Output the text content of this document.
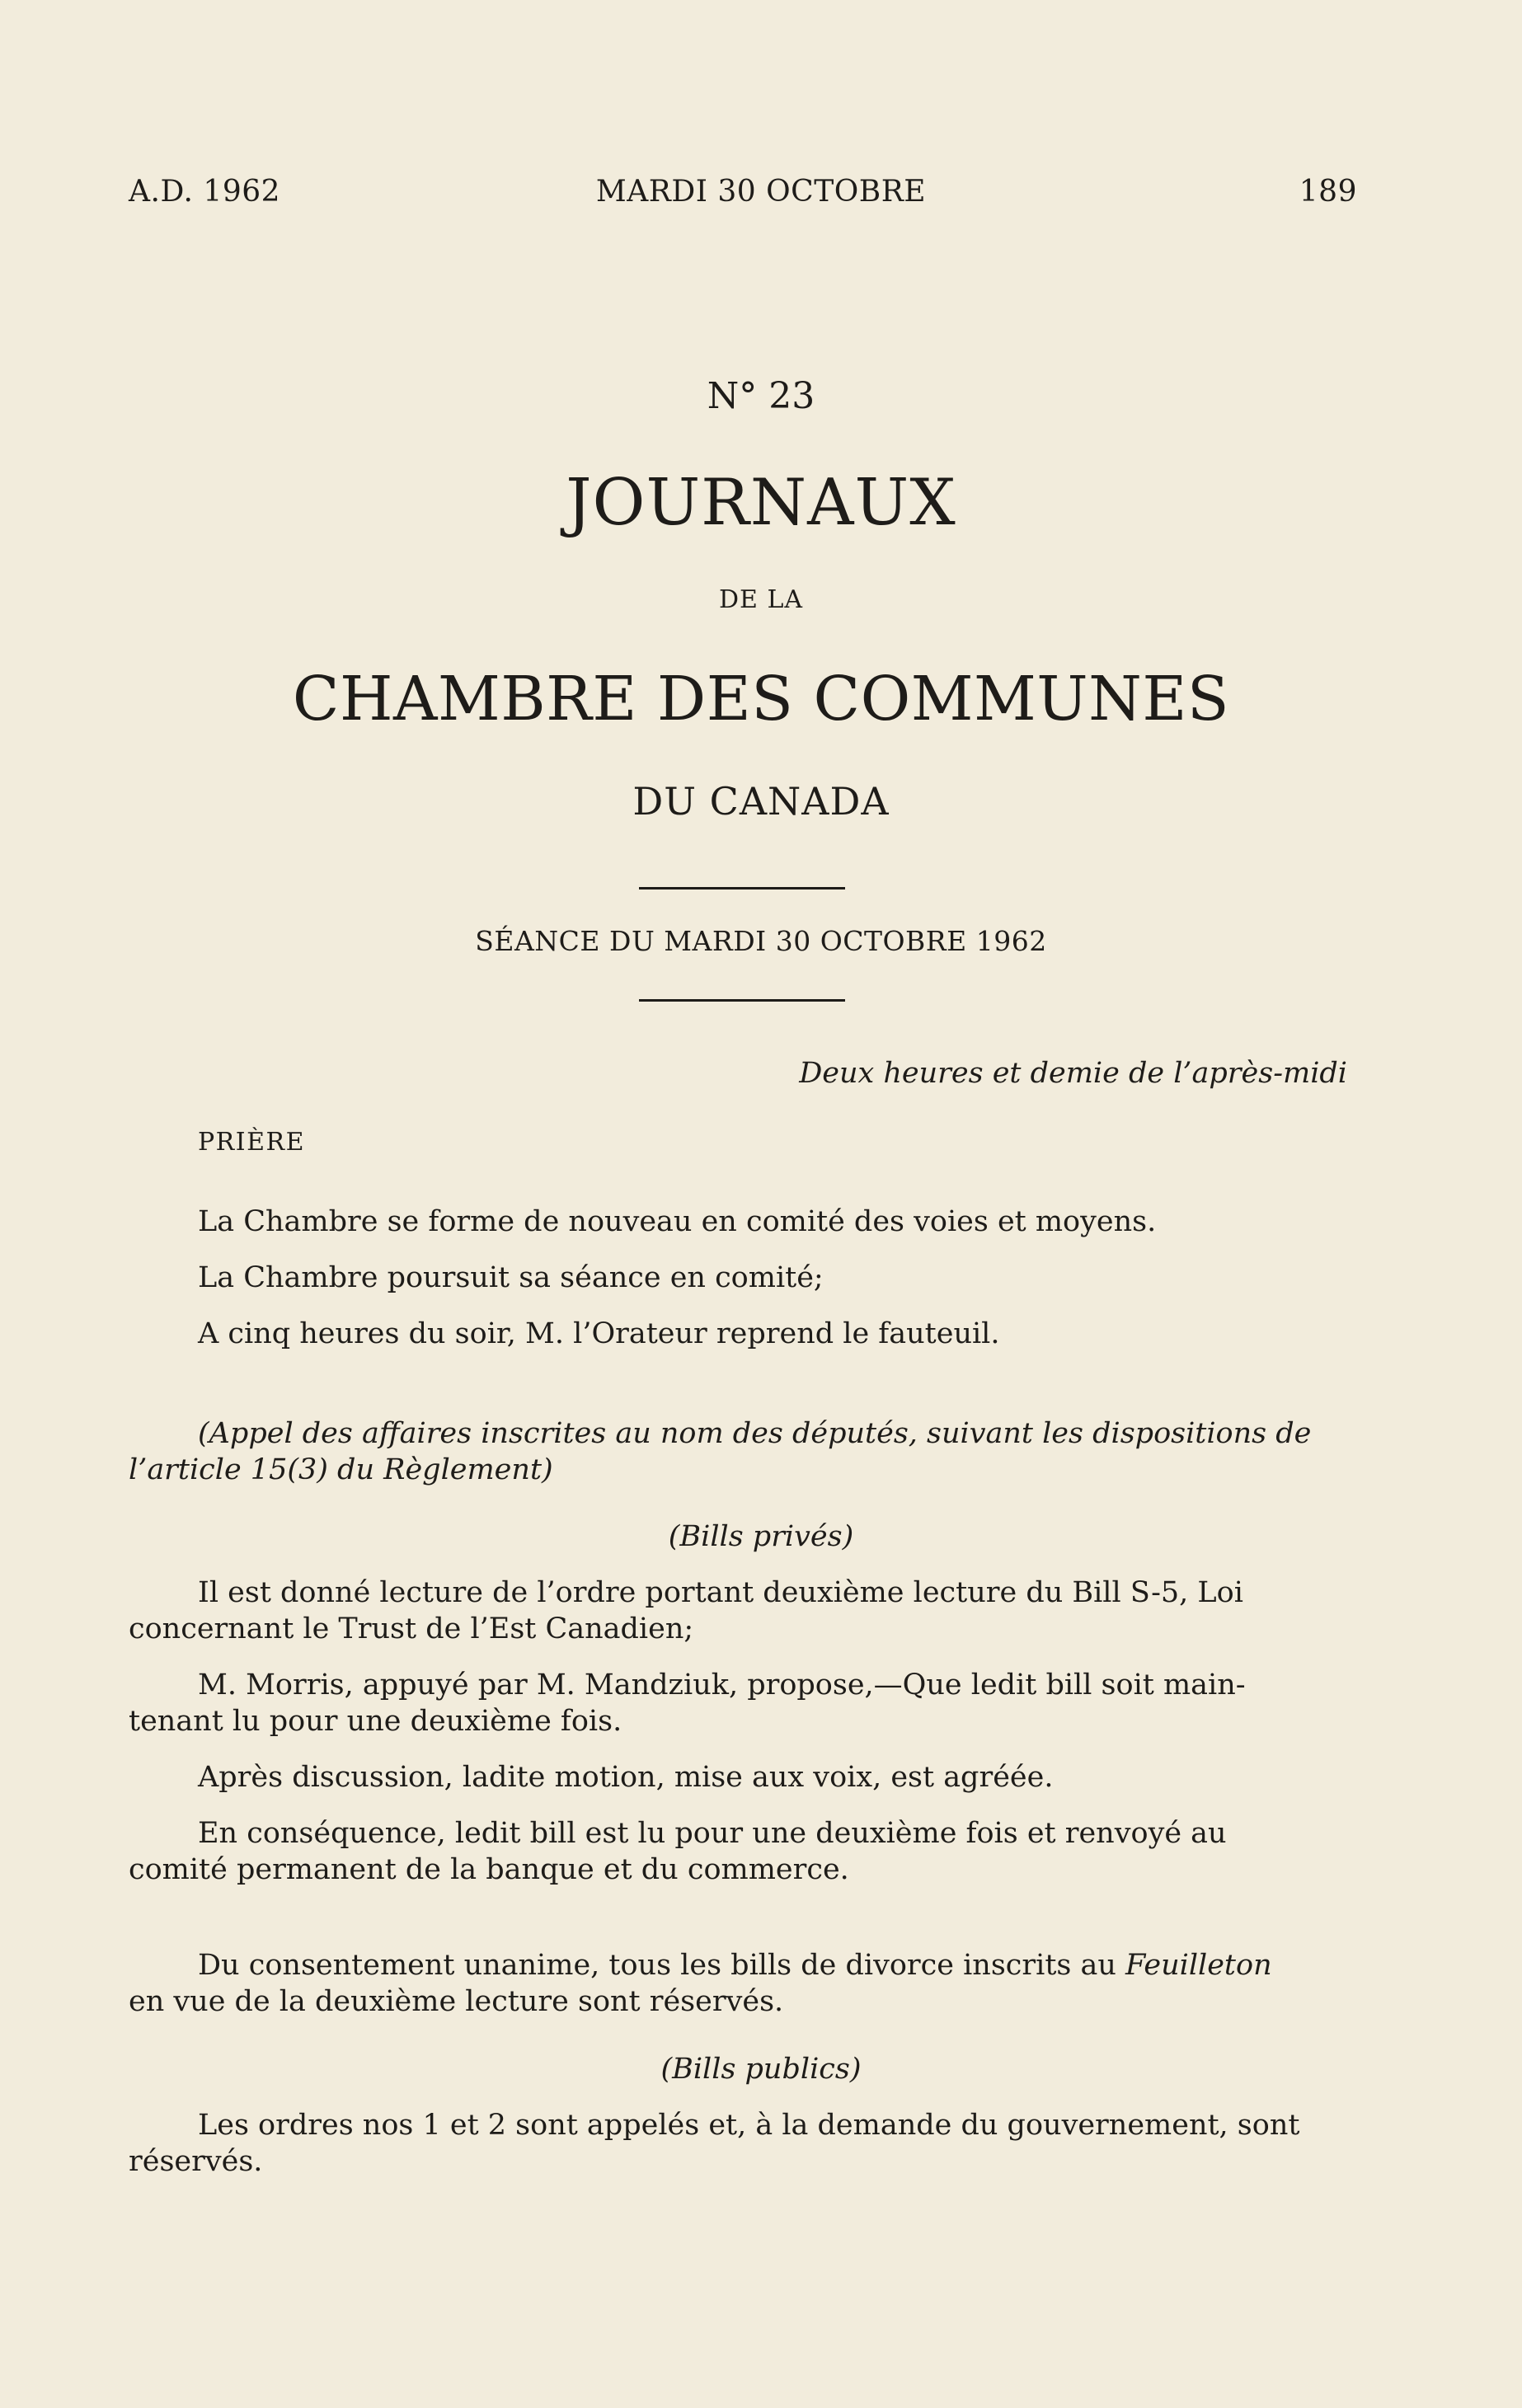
A.D. 1962	MARDI 30 OCTOBRE	189
N° 23
JOURNAUX
DE LA
CHAMBRE DES COMMUNES
DU CANADA
SÉANCE DU MARDI 30 OCTOBRE 1962
Deux heures et demie de l’après-midi
PRIÈRE
La Chambre se forme de nouveau en comité des voies et moyens.
La Chambre poursuit sa séance en comité;
A cinq heures du soir, M. l’Orateur reprend le fauteuil.
(Appel des affaires inscrites au nom des députés, suivant les dispositions de
l’article 15(3) du Règlement)
(Bills privés)
Il est donné lecture de l’ordre portant deuxième lecture du Bill S-5, Loi
concernant le Trust de l’Est Canadien;
M. Morris, appuyé par M. Mandziuk, propose,—Que ledit bill soit main-
tenant lu pour une deuxième fois.
Après discussion, ladite motion, mise aux voix, est agréée.
En conséquence, ledit bill est lu pour une deuxième fois et renvoyé au
comité permanent de la banque et du commerce.
Du consentement unanime, tous les bills de divorce inscrits au Feuilleton
en vue de la deuxième lecture sont réservés.
(Bills publics)
Les ordres nos 1 et 2 sont appelés et, à la demande du gouvernement, sont
réservés.
